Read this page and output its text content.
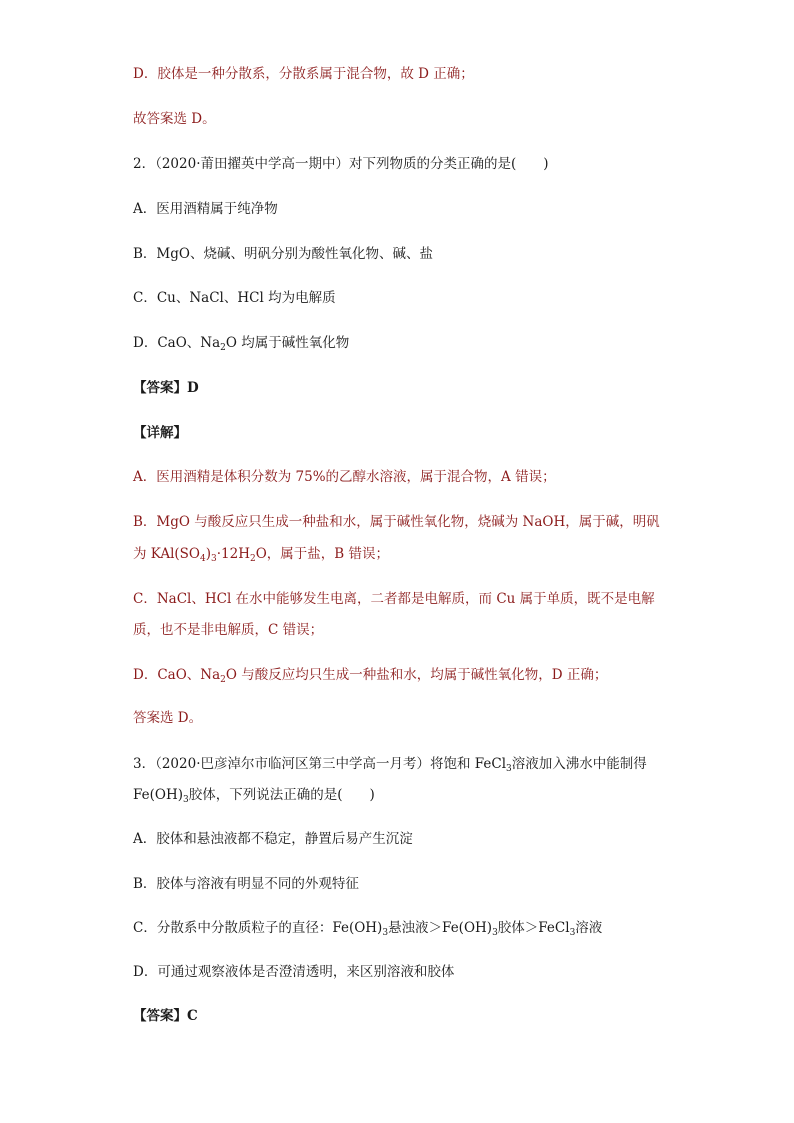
D．胶体是一种分散系，分散系属于混合物，故 D 正确；
故答案选 D。
2．（2020·莆田擢英中学高一期中）对下列物质的分类正确的是(　　)
A．医用酒精属于纯净物
B．MgO、烧碱、明矾分别为酸性氧化物、碱、盐
C．Cu、NaCl、HCl 均为电解质
D．CaO、$Na_2O$ 均属于碱性氧化物
【答案】D
【详解】
A．医用酒精是体积分数为 75%的乙醇水溶液，属于混合物，A 错误；
B．MgO 与酸反应只生成一种盐和水，属于碱性氧化物，烧碱为 NaOH，属于碱，明矾
为 $KAl(SO_4)_3\cdot 12H_2O$，属于盐，B 错误；
C．NaCl、HCl 在水中能够发生电离，二者都是电解质，而 Cu 属于单质，既不是电解
质，也不是非电解质，C 错误；
D．CaO、$Na_2O$ 与酸反应均只生成一种盐和水，均属于碱性氧化物，D 正确；
答案选 D。
3．（2020·巴彦淖尔市临河区第三中学高一月考）将饱和 FeCl$_3$溶液加入沸水中能制得
$Fe(OH)_3$胶体，下列说法正确的是(　　)
A．胶体和悬浊液都不稳定，静置后易产生沉淀
B．胶体与溶液有明显不同的外观特征
C．分散系中分散质粒子的直径：$Fe(OH)_3$悬浊液$>Fe(OH)_3$胶体＞FeCl$_3$溶液
D．可通过观察液体是否澄清透明，来区别溶液和胶体
【答案】C
